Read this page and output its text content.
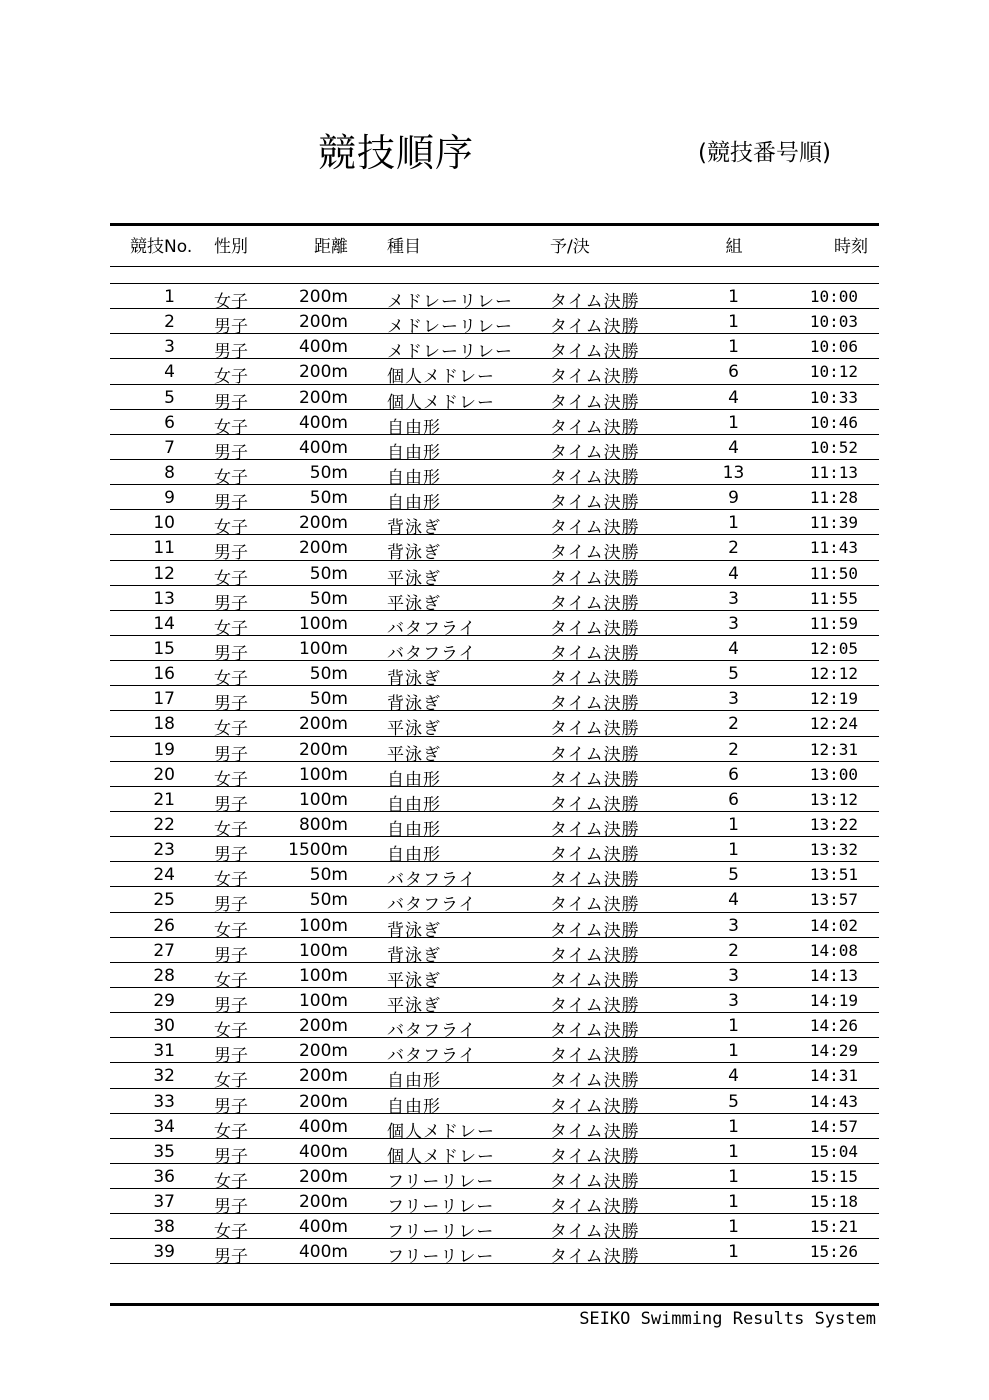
競技順序	(競技番号順)
競技No.	性別	距離 種目	予/決	組	時刻
1 女子	200m メドレーリレー タイム決勝	1	10:00
2 男子	200m メドレーリレー タイム決勝	1	10:03
3 男子	400m メドレーリレー タイム決勝	1	10:06
4 女子	200m 個人メドレー	タイム決勝	6	10:12
5 男子	200m 個人メドレー	タイム決勝	4	10:33
6 女子	400m 自由形	タイム決勝	1	10:46
7 男子	400m 自由形	タイム決勝	4	10:52
8 女子	50m 自由形	タイム決勝	13	11:13
9 男子	50m 自由形	タイム決勝	9	11:28
10 女子	200m 背泳ぎ	タイム決勝	1	11:39
11 男子	200m 背泳ぎ	タイム決勝	2	11:43
12 女子	50m 平泳ぎ	タイム決勝	4	11:50
13 男子	50m 平泳ぎ	タイム決勝	3	11:55
14 女子	100m バタフライ	タイム決勝	3	11:59
15 男子	100m バタフライ	タイム決勝	4	12:05
16 女子	50m 背泳ぎ	タイム決勝	5	12:12
17 男子	50m 背泳ぎ	タイム決勝	3	12:19
18 女子	200m 平泳ぎ	タイム決勝	2	12:24
19 男子	200m 平泳ぎ	タイム決勝	2	12:31
20 女子	100m 自由形	タイム決勝	6	13:00
21 男子	100m 自由形	タイム決勝	6	13:12
22 女子	800m 自由形	タイム決勝	1	13:22
23 男子	1500m 自由形	タイム決勝	1	13:32
24 女子	50m バタフライ	タイム決勝	5	13:51
25 男子	50m バタフライ	タイム決勝	4	13:57
26 女子	100m 背泳ぎ	タイム決勝	3	14:02
27 男子	100m 背泳ぎ	タイム決勝	2	14:08
28 女子	100m 平泳ぎ	タイム決勝	3	14:13
29 男子	100m 平泳ぎ	タイム決勝	3	14:19
30 女子	200m バタフライ	タイム決勝	1	14:26
31 男子	200m バタフライ	タイム決勝	1	14:29
32 女子	200m 自由形	タイム決勝	4	14:31
33 男子	200m 自由形	タイム決勝	5	14:43
34 女子	400m 個人メドレー	タイム決勝	1	14:57
35 男子	400m 個人メドレー	タイム決勝	1	15:04
36 女子	200m フリーリレー	タイム決勝	1	15:15
37 男子	200m フリーリレー	タイム決勝	1	15:18
38 女子	400m フリーリレー	タイム決勝	1	15:21
39 男子	400m フリーリレー	タイム決勝	1	15:26
SEIKO Swimming Results System
